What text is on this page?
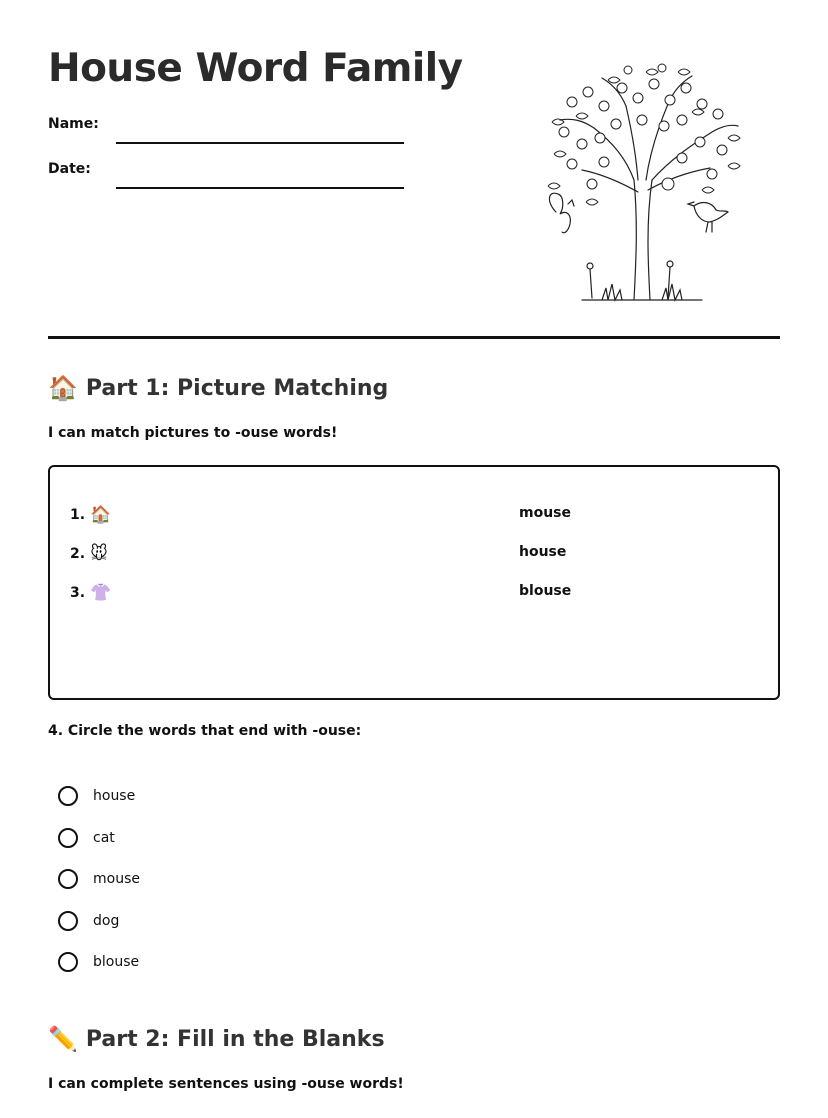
House Word Family
Name:
Date:
🏠 Part 1: Picture Matching

I can match pictures to -ouse words!

1. 🏠	mouse
2. 🐭	house
3. 👚	blouse

4. Circle the words that end with -ouse:

house
cat
mouse
dog
blouse
✏️ Part 2: Fill in the Blanks

I can complete sentences using -ouse words!
